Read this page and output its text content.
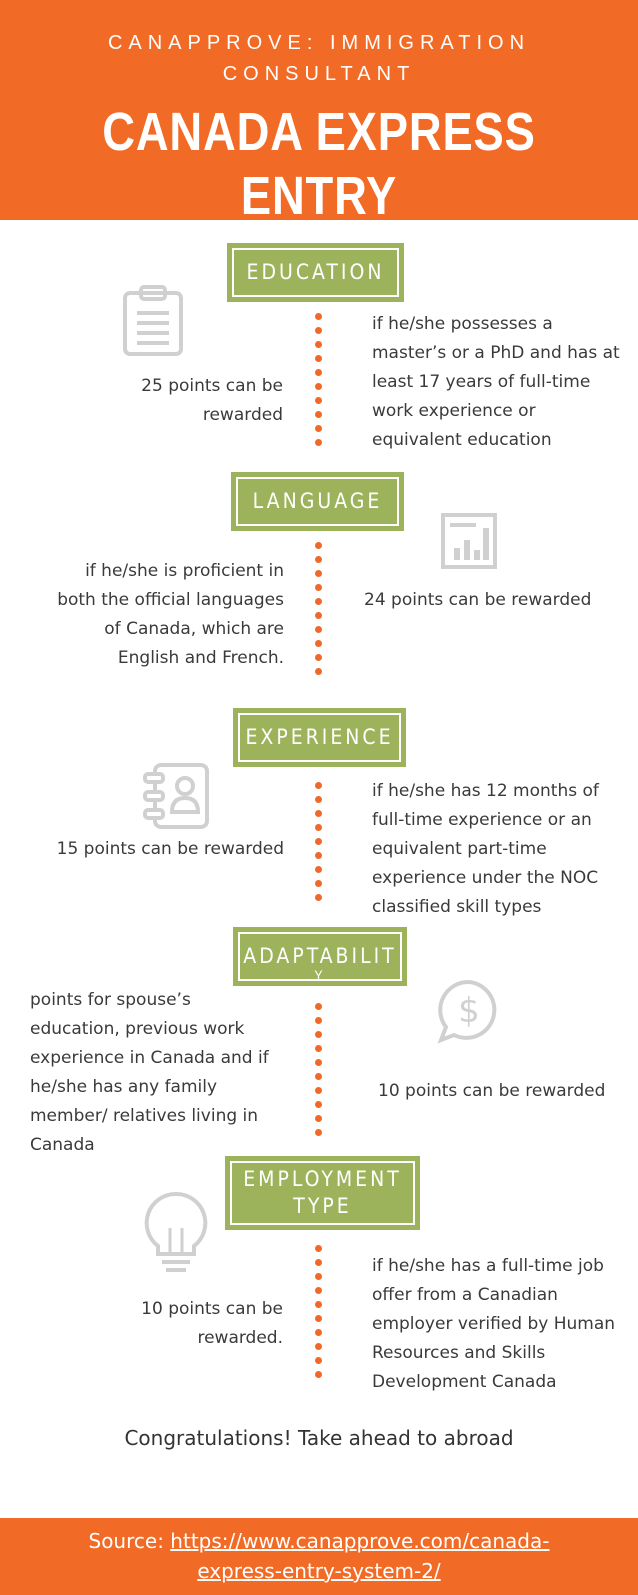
CANAPPROVE: IMMIGRATION
CONSULTANT
CANADA EXPRESS ENTRY
EDUCATION
25 points can be
rewarded
if he/she possesses a
master’s or a PhD and has at
least 17 years of full-time
work experience or
equivalent education
LANGUAGE
if he/she is proficient in
both the official languages
of Canada, which are
English and French.
24 points can be rewarded
EXPERIENCE
15 points can be rewarded
if he/she has 12 months of
full-time experience or an
equivalent part-time
experience under the NOC
classified skill types
ADAPTABILIT
Y
$
points for spouse’s
education, previous work
experience in Canada and if
he/she has any family
member/ relatives living in
Canada
10 points can be rewarded
EMPLOYMENT
TYPE
10 points can be
rewarded.
if he/she has a full-time job
offer from a Canadian
employer verified by Human
Resources and Skills
Development Canada
Congratulations! Take ahead to abroad
Source: https://www.canapprove.com/canada-
express-entry-system-2/
